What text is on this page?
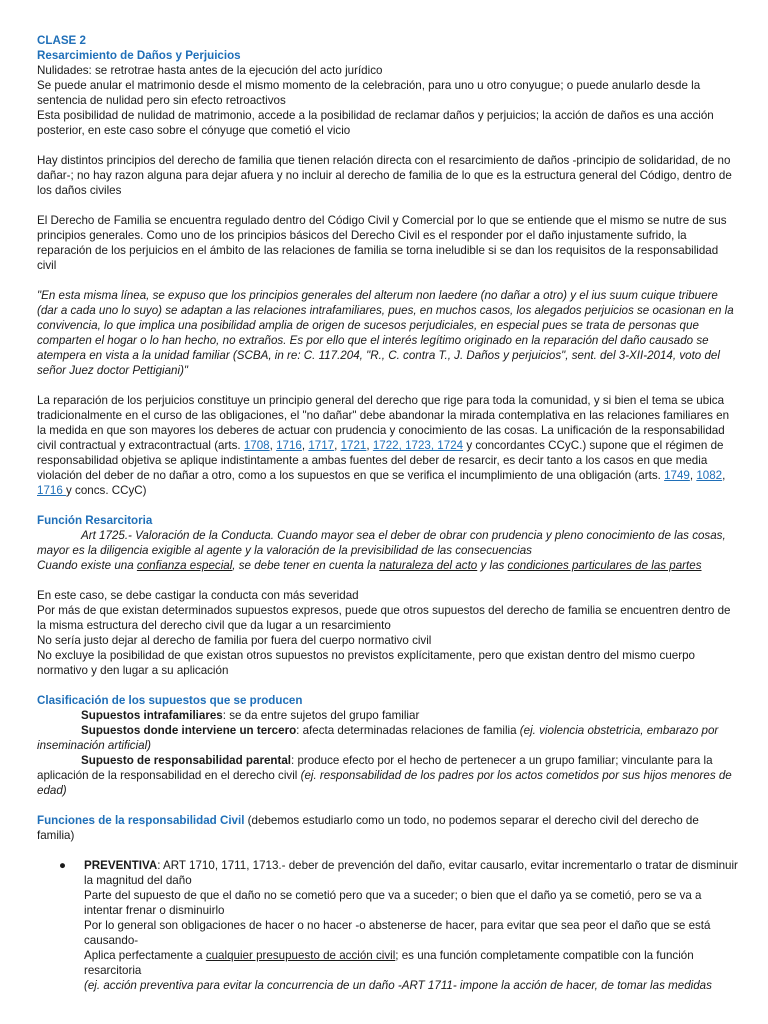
CLASE 2

Resarcimiento de Daños y Perjuicios

Nulidades: se retrotrae hasta antes de la ejecución del acto jurídico

Se puede anular el matrimonio desde el mismo momento de la celebración, para uno u otro conyugue; o puede anularlo desde la sentencia de nulidad pero sin efecto retroactivos

Esta posibilidad de nulidad de matrimonio, accede a la posibilidad de reclamar daños y perjuicios; la acción de daños es una acción posterior, en este caso sobre el cónyuge que cometió el vicio

Hay distintos principios del derecho de familia que tienen relación directa con el resarcimiento de daños -principio de solidaridad, de no dañar-; no hay razon alguna para dejar afuera y no incluir al derecho de familia de lo que es la estructura general del Código, dentro de los daños civiles

El Derecho de Familia se encuentra regulado dentro del Código Civil y Comercial por lo que se entiende que el mismo se nutre de sus principios generales. Como uno de los principios básicos del Derecho Civil es el responder por el daño injustamente sufrido, la reparación de los perjuicios en el ámbito de las relaciones de familia se torna ineludible si se dan los requisitos de la responsabilidad civil

"En esta misma línea, se expuso que los principios generales del alterum non laedere (no dañar a otro) y el ius suum cuique tribuere (dar a cada uno lo suyo) se adaptan a las relaciones intrafamiliares, pues, en muchos casos, los alegados perjuicios se ocasionan en la convivencia, lo que implica una posibilidad amplia de origen de sucesos perjudiciales, en especial pues se trata de personas que comparten el hogar o lo han hecho, no extraños. Es por ello que el interés legítimo originado en la reparación del daño causado se atempera en vista a la unidad familiar (SCBA, in re: C. 117.204, "R., C. contra T., J. Daños y perjuicios", sent. del 3-XII-2014, voto del señor Juez doctor Pettigiani)"

La reparación de los perjuicios constituye un principio general del derecho que rige para toda la comunidad, y si bien el tema se ubica tradicionalmente en el curso de las obligaciones, el "no dañar" debe abandonar la mirada contemplativa en las relaciones familiares en la medida en que son mayores los deberes de actuar con prudencia y conocimiento de las cosas. La unificación de la responsabilidad civil contractual y extracontractual (arts. 1708, 1716, 1717, 1721, 1722, 1723, 1724 y concordantes CCyC.) supone que el régimen de responsabilidad objetiva se aplique indistintamente a ambas fuentes del deber de resarcir, es decir tanto a los casos en que media violación del deber de no dañar a otro, como a los supuestos en que se verifica el incumplimiento de una obligación (arts. 1749, 1082, 1716 y concs. CCyC)

Función Resarcitoria

Art 1725.- Valoración de la Conducta. Cuando mayor sea el deber de obrar con prudencia y pleno conocimiento de las cosas, mayor es la diligencia exigible al agente y la valoración de la previsibilidad de las consecuencias

Cuando existe una confianza especial, se debe tener en cuenta la naturaleza del acto y las condiciones particulares de las partes

En este caso, se debe castigar la conducta con más severidad

Por más de que existan determinados supuestos expresos, puede que otros supuestos del derecho de familia se encuentren dentro de la misma estructura del derecho civil que da lugar a un resarcimiento

No sería justo dejar al derecho de familia por fuera del cuerpo normativo civil

No excluye la posibilidad de que existan otros supuestos no previstos explícitamente, pero que existan dentro del mismo cuerpo normativo y den lugar a su aplicación

Clasificación de los supuestos que se producen

Supuestos intrafamiliares: se da entre sujetos del grupo familiar

Supuestos donde interviene un tercero: afecta determinadas relaciones de familia (ej. violencia obstetricia, embarazo por inseminación artificial)

Supuesto de responsabilidad parental: produce efecto por el hecho de pertenecer a un grupo familiar; vinculante para la aplicación de la responsabilidad en el derecho civil (ej. responsabilidad de los padres por los actos cometidos por sus hijos menores de edad)

Funciones de la responsabilidad Civil (debemos estudiarlo como un todo, no podemos separar el derecho civil del derecho de familia)

● PREVENTIVA: ART 1710, 1711, 1713.- deber de prevención del daño, evitar causarlo, evitar incrementarlo o tratar de disminuir la magnitud del daño

Parte del supuesto de que el daño no se cometió pero que va a suceder; o bien que el daño ya se cometió, pero se va a intentar frenar o disminuirlo

Por lo general son obligaciones de hacer o no hacer -o abstenerse de hacer, para evitar que sea peor el daño que se está causando-

Aplica perfectamente a cualquier presupuesto de acción civil; es una función completamente compatible con la función resarcitoria

(ej. acción preventiva para evitar la concurrencia de un daño -ART 1711- impone la acción de hacer, de tomar las medidas
